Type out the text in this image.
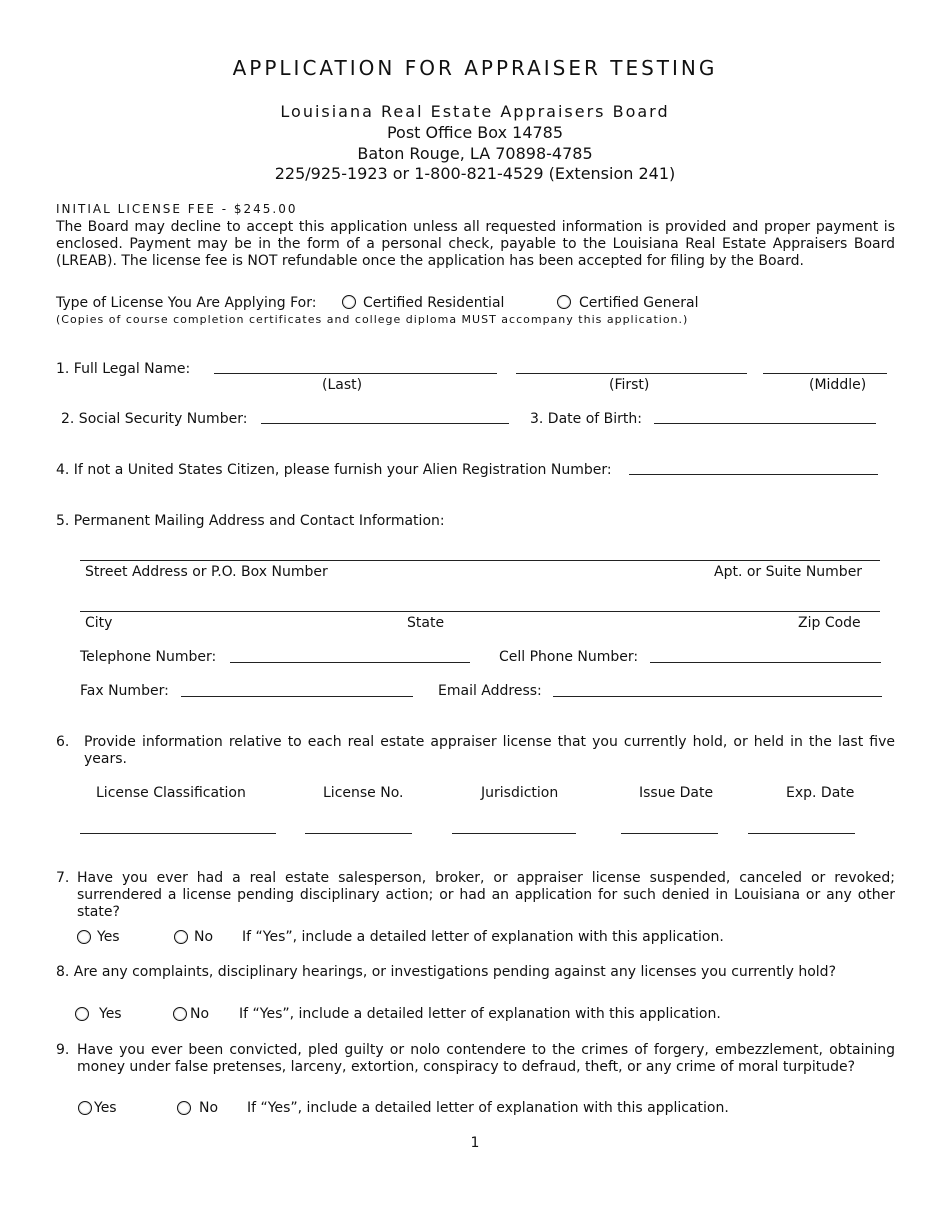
APPLICATION FOR APPRAISER TESTING
Louisiana Real Estate Appraisers Board
Post Office Box 14785
Baton Rouge, LA 70898-4785
225/925-1923 or 1-800-821-4529 (Extension 241)
INITIAL LICENSE FEE - $245.00
The Board may decline to accept this application unless all requested information is provided and proper payment is enclosed. Payment may be in the form of a personal check, payable to the Louisiana Real Estate Appraisers Board (LREAB). The license fee is NOT refundable once the application has been accepted for filing by the Board.
Type of License You Are Applying For:	Certified Residential	Certified General
(Copies of course completion certificates and college diploma MUST accompany this application.)
1. Full Legal Name:
(Last)	(First)	(Middle)
2. Social Security Number:	3. Date of Birth:
4. If not a United States Citizen, please furnish your Alien Registration Number:
5. Permanent Mailing Address and Contact Information:
Street Address or P.O. Box Number	Apt. or Suite Number
City	State	Zip Code
Telephone Number:	Cell Phone Number:
Fax Number:	Email Address:
6. Provide information relative to each real estate appraiser license that you currently hold, or held in the last five years.
License Classification	License No.	Jurisdiction	Issue Date	Exp. Date
7. Have you ever had a real estate salesperson, broker, or appraiser license suspended, canceled or revoked; surrendered a license pending disciplinary action; or had an application for such denied in Louisiana or any other state?
Yes	No If “Yes”, include a detailed letter of explanation with this application.
8. Are any complaints, disciplinary hearings, or investigations pending against any licenses you currently hold?
Yes	No If “Yes”, include a detailed letter of explanation with this application.
9. Have you ever been convicted, pled guilty or nolo contendere to the crimes of forgery, embezzlement, obtaining money under false pretenses, larceny, extortion, conspiracy to defraud, theft, or any crime of moral turpitude?
Yes	No If “Yes”, include a detailed letter of explanation with this application.
1
